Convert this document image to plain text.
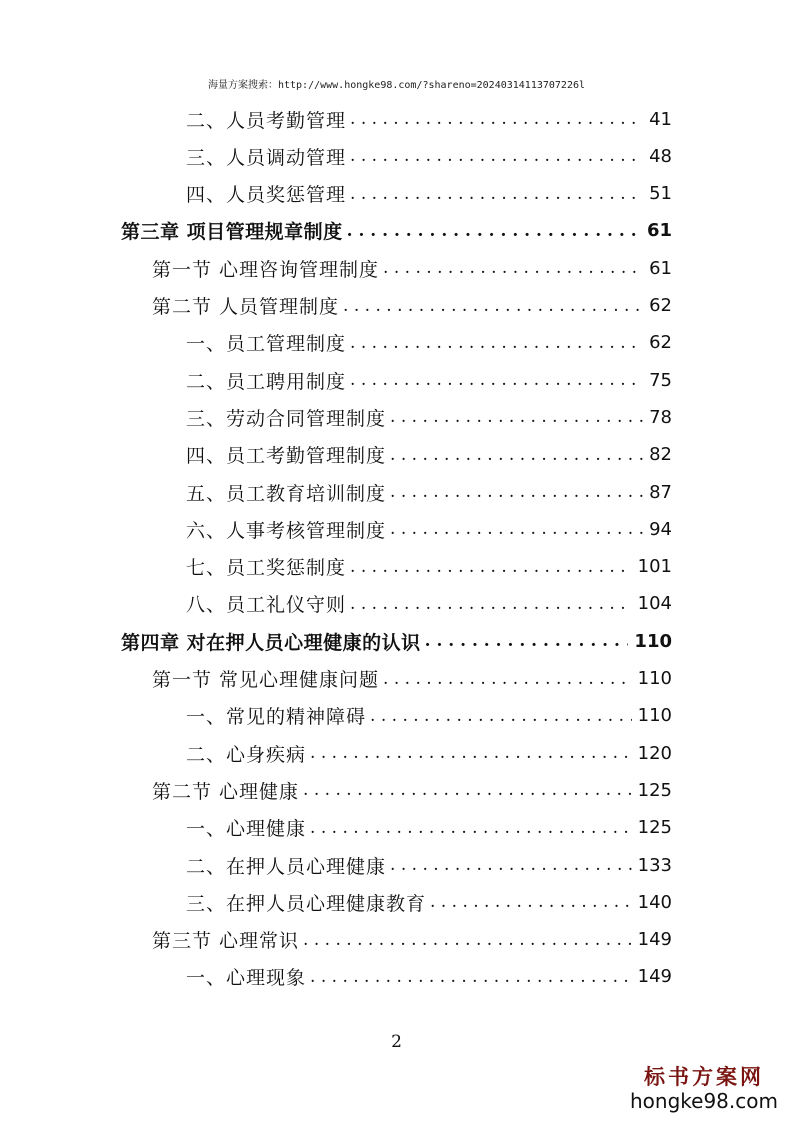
海量方案搜索：http://www.hongke98.com/?shareno=20240314113707226l
二、人员考勤管理 . . .	41
三、人员调动管理 . . .	48
四、人员奖惩管理 . . .	51
第三章 项目管理规章制度 . . .	61
第一节 心理咨询管理制度 . . .	61
第二节 人员管理制度 . . .	62
一、员工管理制度 . . .	62
二、员工聘用制度 . . .	75
三、劳动合同管理制度 . . .	78
四、员工考勤管理制度 . . .	82
五、员工教育培训制度 . . .	87
六、人事考核管理制度 . . .	94
七、员工奖惩制度 . . .	101
八、员工礼仪守则 . . .	104
第四章 对在押人员心理健康的认识 . . .	110
第一节 常见心理健康问题 . . .	110
一、常见的精神障碍 . . .	110
二、心身疾病 . . .	120
第二节 心理健康 . . .	125
一、心理健康 . . .	125
二、在押人员心理健康 . . .	133
三、在押人员心理健康教育 . . .	140
第三节 心理常识 . . .	149
一、心理现象 . . .	149
2
标书方案网
hongke98.com
